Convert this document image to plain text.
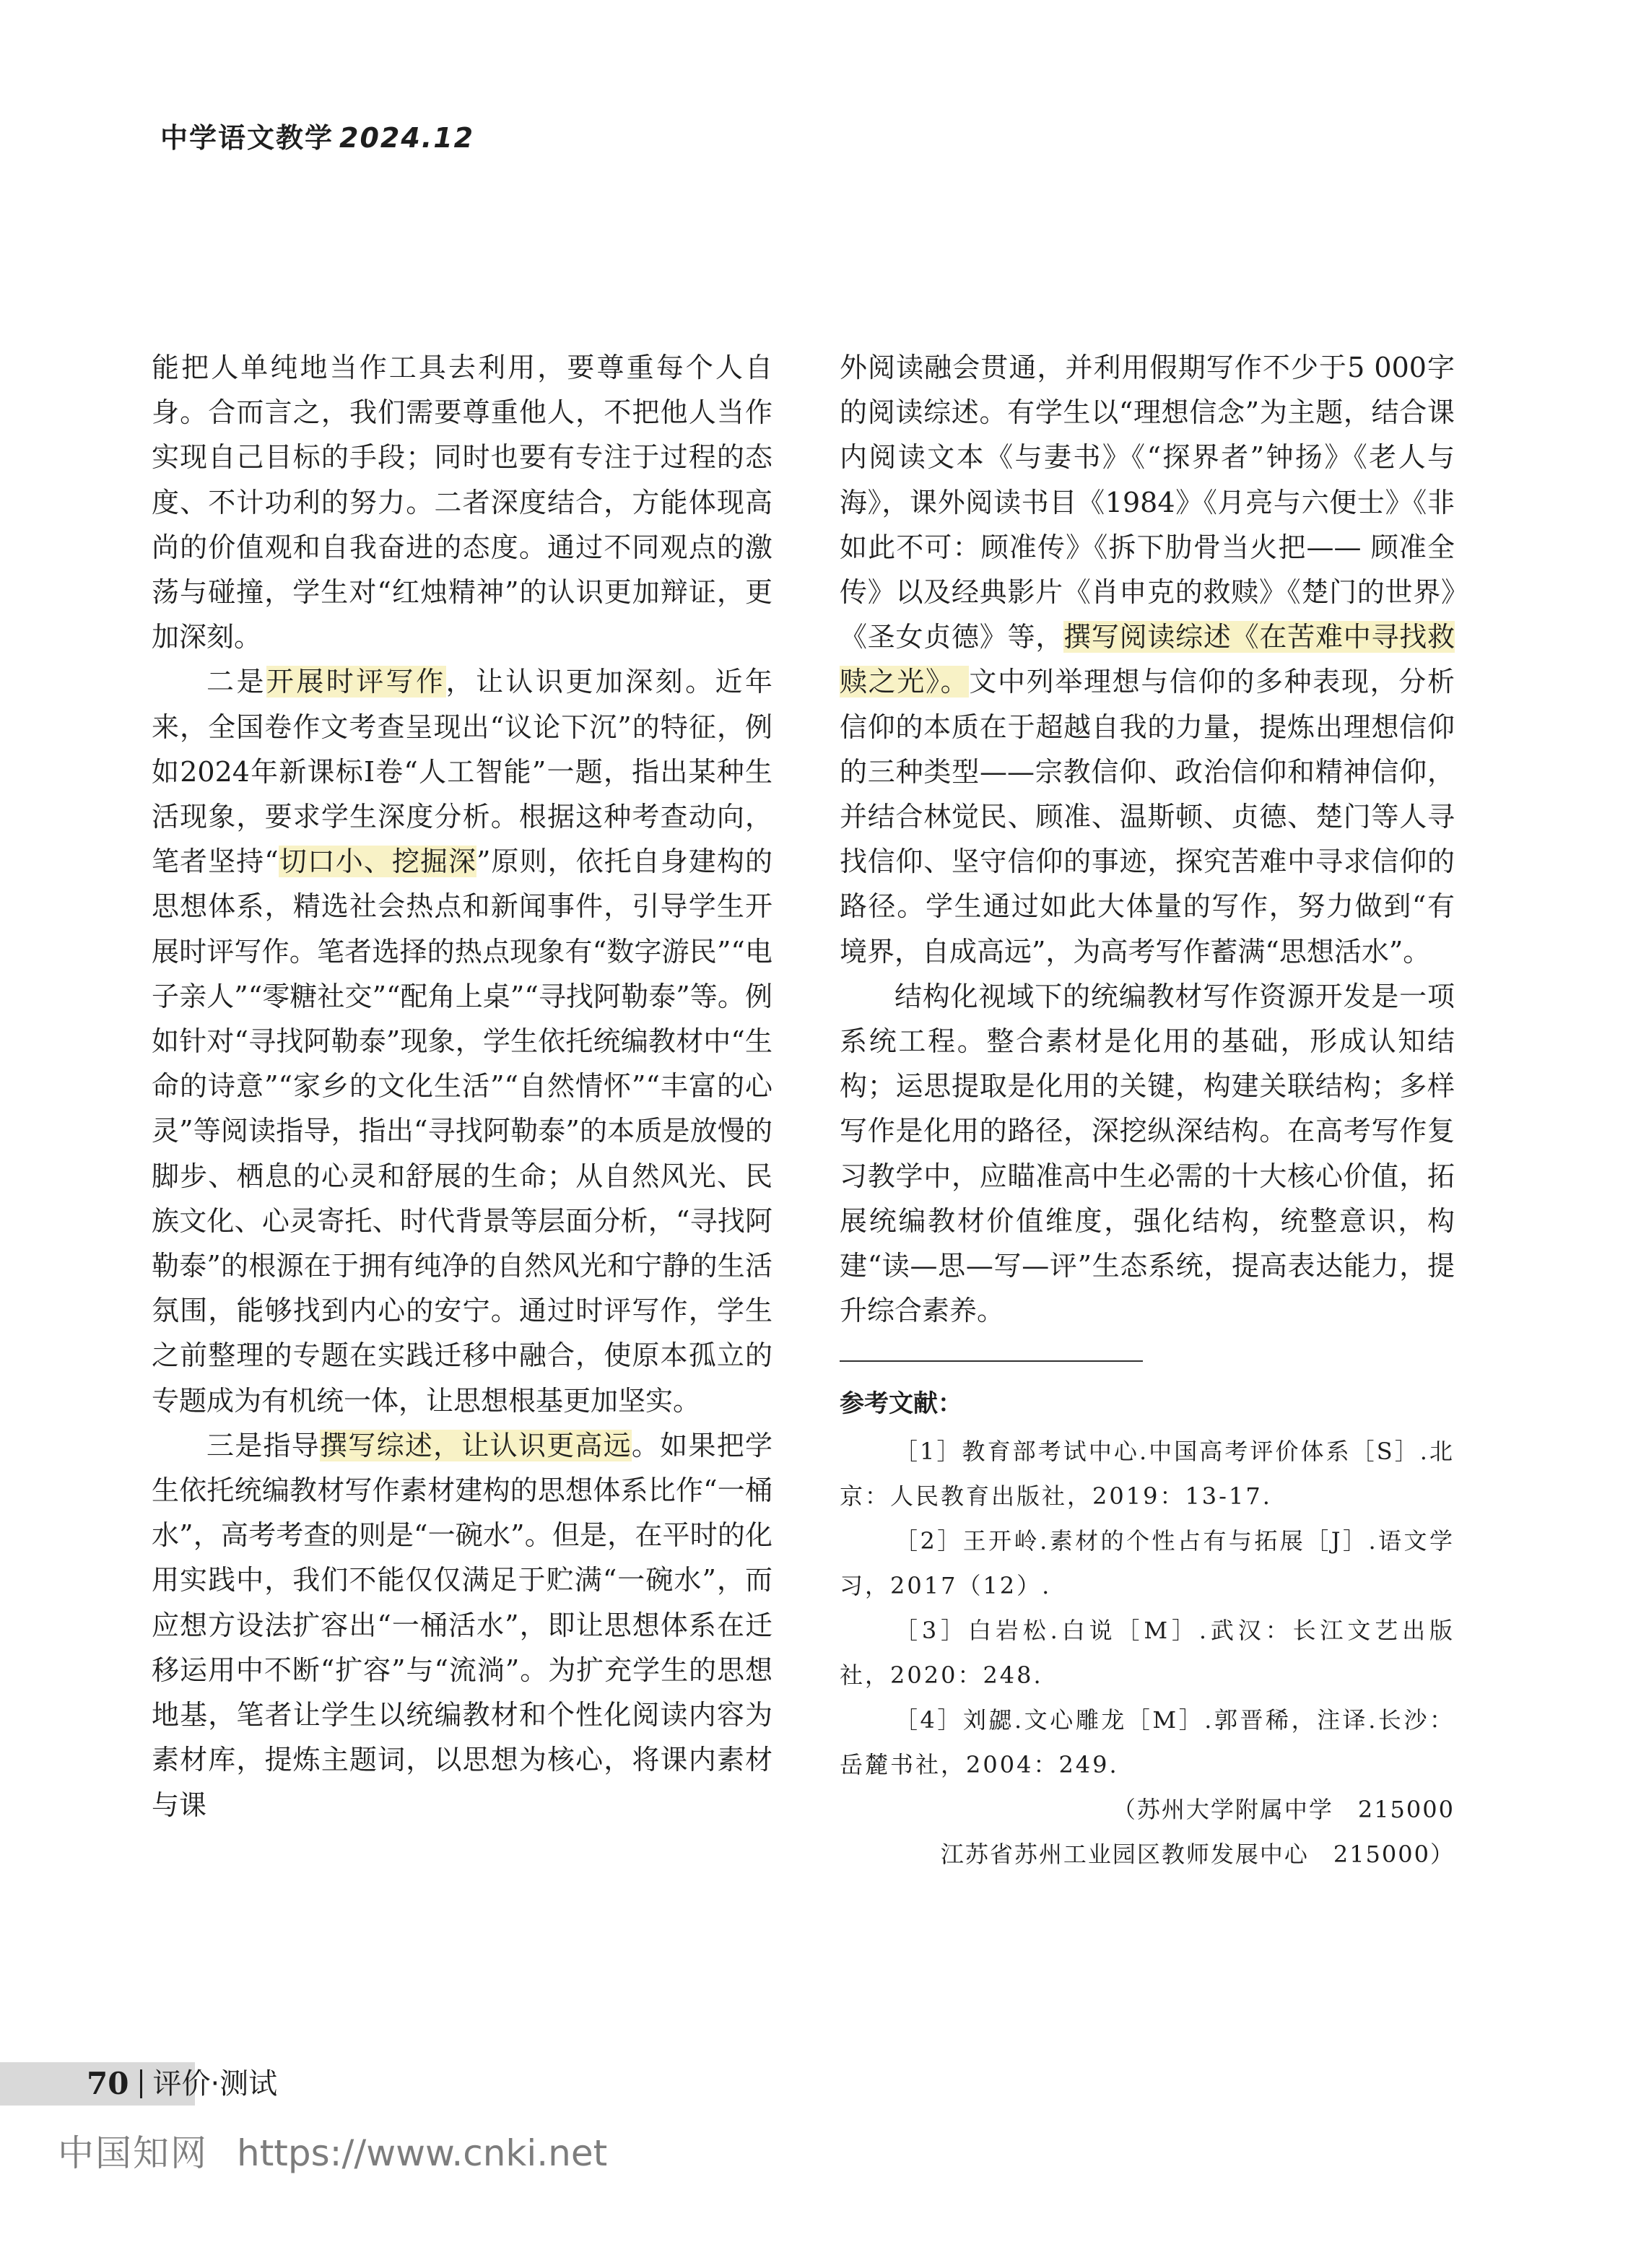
中学语文教学 2024.12

能把人单纯地当作工具去利用，要尊重每个人自身。合而言之，我们需要尊重他人，不把他人当作实现自己目标的手段；同时也要有专注于过程的态度、不计功利的努力。二者深度结合，方能体现高尚的价值观和自我奋进的态度。通过不同观点的激荡与碰撞，学生对“红烛精神”的认识更加辩证，更加深刻。

二是开展时评写作，让认识更加深刻。近年来，全国卷作文考查呈现出“议论下沉”的特征，例如2024年新课标Ⅰ卷“人工智能”一题，指出某种生活现象，要求学生深度分析。根据这种考查动向，笔者坚持“切口小、挖掘深”原则，依托自身建构的思想体系，精选社会热点和新闻事件，引导学生开展时评写作。笔者选择的热点现象有“数字游民”“电子亲人”“零糖社交”“配角上桌”“寻找阿勒泰”等。例如针对“寻找阿勒泰”现象，学生依托统编教材中“生命的诗意”“家乡的文化生活”“自然情怀”“丰富的心灵”等阅读指导，指出“寻找阿勒泰”的本质是放慢的脚步、栖息的心灵和舒展的生命；从自然风光、民族文化、心灵寄托、时代背景等层面分析，“寻找阿勒泰”的根源在于拥有纯净的自然风光和宁静的生活氛围，能够找到内心的安宁。通过时评写作，学生之前整理的专题在实践迁移中融合，使原本孤立的专题成为有机统一体，让思想根基更加坚实。

三是指导撰写综述，让认识更高远。如果把学生依托统编教材写作素材建构的思想体系比作“一桶水”，高考考查的则是“一碗水”。但是，在平时的化用实践中，我们不能仅仅满足于贮满“一碗水”，而应想方设法扩容出“一桶活水”，即让思想体系在迁移运用中不断“扩容”与“流淌”。为扩充学生的思想地基，笔者让学生以统编教材和个性化阅读内容为素材库，提炼主题词，以思想为核心，将课内素材与课

外阅读融会贯通，并利用假期写作不少于5 000字的阅读综述。有学生以“理想信念”为主题，结合课内阅读文本《与妻书》《“探界者”钟扬》《老人与海》，课外阅读书目《1984》《月亮与六便士》《非如此不可：顾准传》《拆下肋骨当火把—— 顾准全传》以及经典影片《肖申克的救赎》《楚门的世界》《圣女贞德》等，撰写阅读综述《在苦难中寻找救赎之光》。文中列举理想与信仰的多种表现，分析信仰的本质在于超越自我的力量，提炼出理想信仰的三种类型——宗教信仰、政治信仰和精神信仰，并结合林觉民、顾准、温斯顿、贞德、楚门等人寻找信仰、坚守信仰的事迹，探究苦难中寻求信仰的路径。学生通过如此大体量的写作，努力做到“有境界，自成高远”，为高考写作蓄满“思想活水”。

结构化视域下的统编教材写作资源开发是一项系统工程。整合素材是化用的基础，形成认知结构；运思提取是化用的关键，构建关联结构；多样写作是化用的路径，深挖纵深结构。在高考写作复习教学中，应瞄准高中生必需的十大核心价值，拓展统编教材价值维度，强化结构，统整意识，构建“读—思—写—评”生态系统，提高表达能力，提升综合素养。

参考文献：

［1］教育部考试中心.中国高考评价体系［S］.北京：人民教育出版社，2019：13-17.

［2］王开岭.素材的个性占有与拓展［J］.语文学习，2017（12）.

［3］白岩松.白说［M］.武汉：长江文艺出版社，2020：248.

［4］刘勰.文心雕龙［M］.郭晋稀，注译.长沙：岳麓书社，2004：249.

（苏州大学附属中学　215000

江苏省苏州工业园区教师发展中心　215000）

70 评价·测试
中国知网 https://www.cnki.net
